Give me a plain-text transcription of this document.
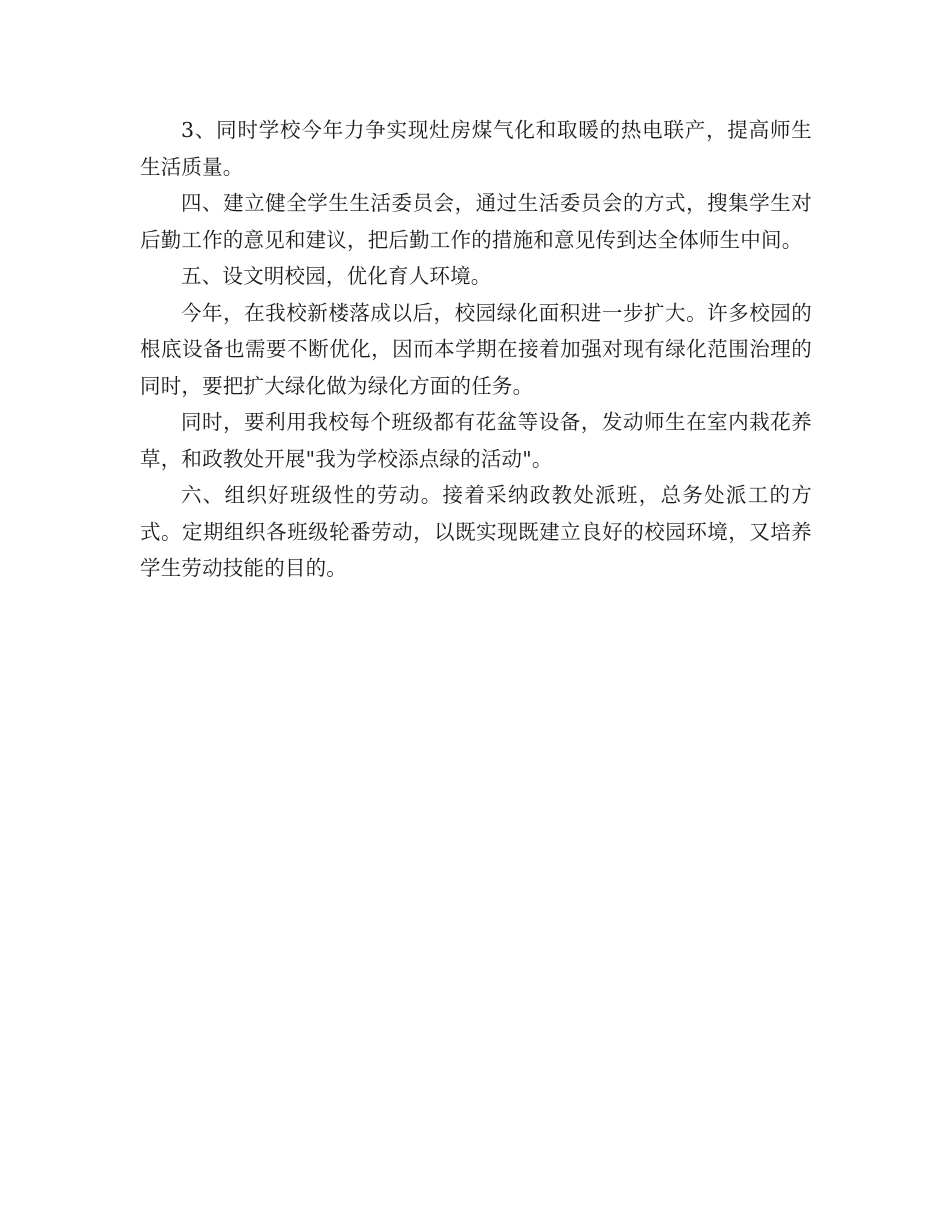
3、同时学校今年力争实现灶房煤气化和取暖的热电联产，提高师生生活质量。

四、建立健全学生生活委员会，通过生活委员会的方式，搜集学生对后勤工作的意见和建议，把后勤工作的措施和意见传到达全体师生中间。

五、设文明校园，优化育人环境。

今年，在我校新楼落成以后，校园绿化面积进一步扩大。许多校园的根底设备也需要不断优化，因而本学期在接着加强对现有绿化范围治理的同时，要把扩大绿化做为绿化方面的任务。

同时，要利用我校每个班级都有花盆等设备，发动师生在室内栽花养草，和政教处开展"我为学校添点绿的活动"。

六、组织好班级性的劳动。接着采纳政教处派班，总务处派工的方式。定期组织各班级轮番劳动，以既实现既建立良好的校园环境，又培养学生劳动技能的目的。
